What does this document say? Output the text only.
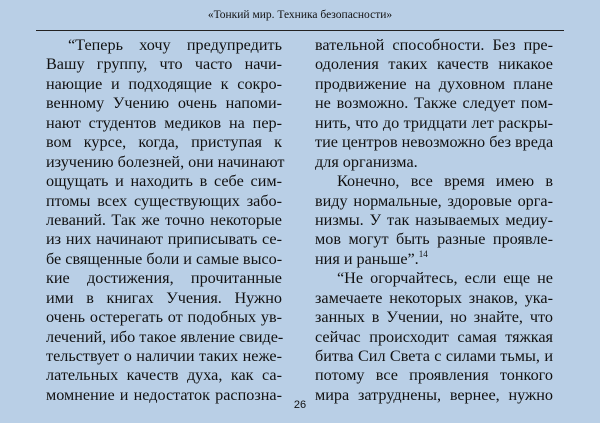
«Тонкий мир. Техника безопасности»
“Теперь хочу предупредить
Вашу группу, что часто начи-
нающие и подходящие к сокро-
венному Учению очень напоми-
нают студентов медиков на пер-
вом курсе, когда, приступая к
изучению болезней, они начинают
ощущать и находить в себе сим-
птомы всех существующих забо-
леваний. Так же точно некоторые
из них начинают приписывать се-
бе священные боли и самые высо-
кие достижения, прочитанные
ими в книгах Учения. Нужно
очень остерегать от подобных ув-
лечений, ибо такое явление свиде-
тельствует о наличии таких неже-
лательных качеств духа, как са-
момнение и недостаток распозна-
вательной способности. Без пре-
одоления таких качеств никакое
продвижение на духовном плане
не возможно. Также следует пом-
нить, что до тридцати лет раскры-
тие центров невозможно без вреда
для организма.
Конечно, все время имею в
виду нормальные, здоровые орга-
низмы. У так называемых медиу-
мов могут быть разные проявле-
ния и раньше”.$^{14}$
“Не огорчайтесь, если еще не
замечаете некоторых знаков, ука-
занных в Учении, но знайте, что
сейчас происходит самая тяжкая
битва Сил Света с силами тьмы, и
потому все проявления тонкого
мира затруднены, вернее, нужно
26
